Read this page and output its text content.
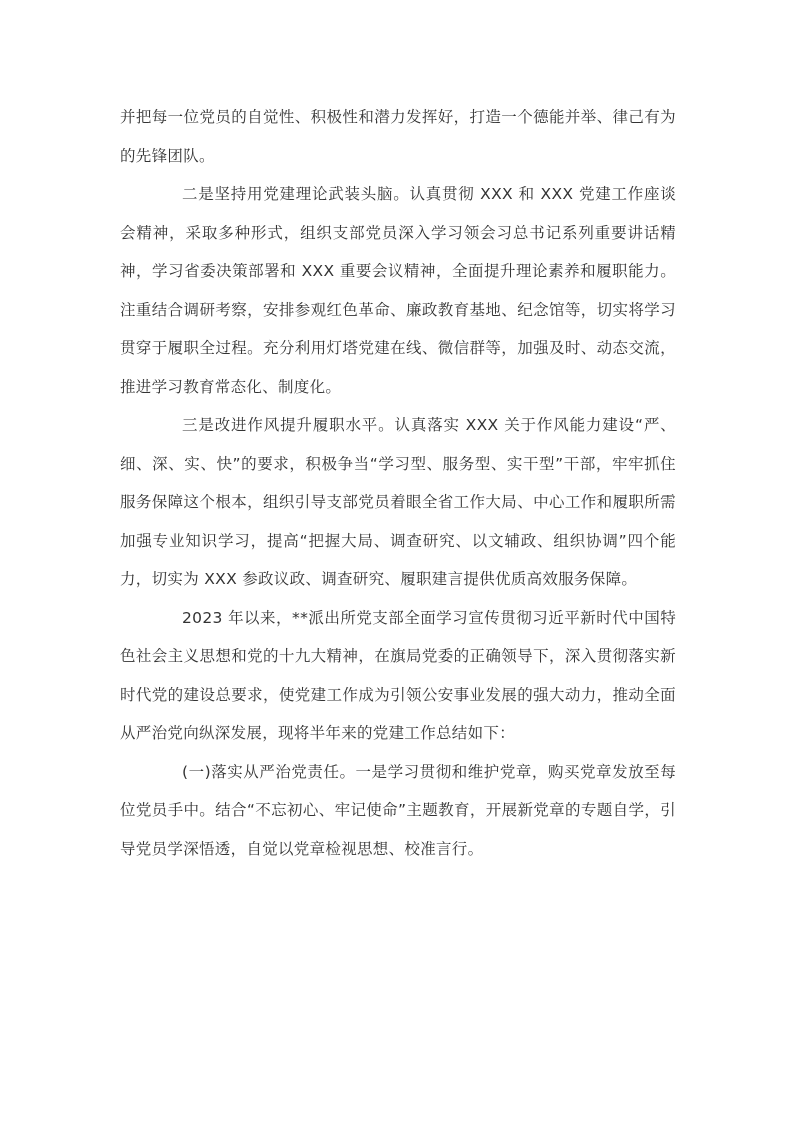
并把每一位党员的自觉性、积极性和潜力发挥好，打造一个德能并举、律己有为的先锋团队。

二是坚持用党建理论武装头脑。认真贯彻 XXX 和 XXX 党建工作座谈会精神，采取多种形式，组织支部党员深入学习领会习总书记系列重要讲话精神，学习省委决策部署和 XXX 重要会议精神，全面提升理论素养和履职能力。注重结合调研考察，安排参观红色革命、廉政教育基地、纪念馆等，切实将学习贯穿于履职全过程。充分利用灯塔党建在线、微信群等，加强及时、动态交流，推进学习教育常态化、制度化。

三是改进作风提升履职水平。认真落实 XXX 关于作风能力建设“严、细、深、实、快”的要求，积极争当“学习型、服务型、实干型”干部，牢牢抓住服务保障这个根本，组织引导支部党员着眼全省工作大局、中心工作和履职所需加强专业知识学习，提高“把握大局、调查研究、以文辅政、组织协调”四个能力，切实为 XXX 参政议政、调查研究、履职建言提供优质高效服务保障。

2023 年以来，**派出所党支部全面学习宣传贯彻习近平新时代中国特色社会主义思想和党的十九大精神，在旗局党委的正确领导下，深入贯彻落实新时代党的建设总要求，使党建工作成为引领公安事业发展的强大动力，推动全面从严治党向纵深发展，现将半年来的党建工作总结如下：

(一)落实从严治党责任。一是学习贯彻和维护党章，购买党章发放至每位党员手中。结合“不忘初心、牢记使命”主题教育，开展新党章的专题自学，引导党员学深悟透，自觉以党章检视思想、校准言行。
